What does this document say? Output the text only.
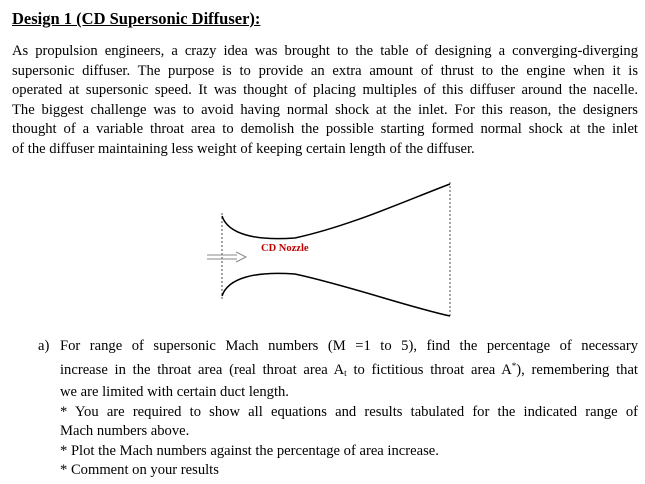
Design 1 (CD Supersonic Diffuser):
As propulsion engineers, a crazy idea was brought to the table of designing a converging-diverging
supersonic diffuser. The purpose is to provide an extra amount of thrust to the engine when it is
operated at supersonic speed. It was thought of placing multiples of this diffuser around the nacelle.
The biggest challenge was to avoid having normal shock at the inlet. For this reason, the designers
thought of a variable throat area to demolish the possible starting formed normal shock at the inlet
of the diffuser maintaining less weight of keeping certain length of the diffuser.
CD Nozzle
a) For range of supersonic Mach numbers (M =1 to 5), find the percentage of necessary
increase in the throat area (real throat area $A_t$ to fictitious throat area A*), remembering that
we are limited with certain duct length.
* You are required to show all equations and results tabulated for the indicated range of
Mach numbers above.
* Plot the Mach numbers against the percentage of area increase.
* Comment on your results
